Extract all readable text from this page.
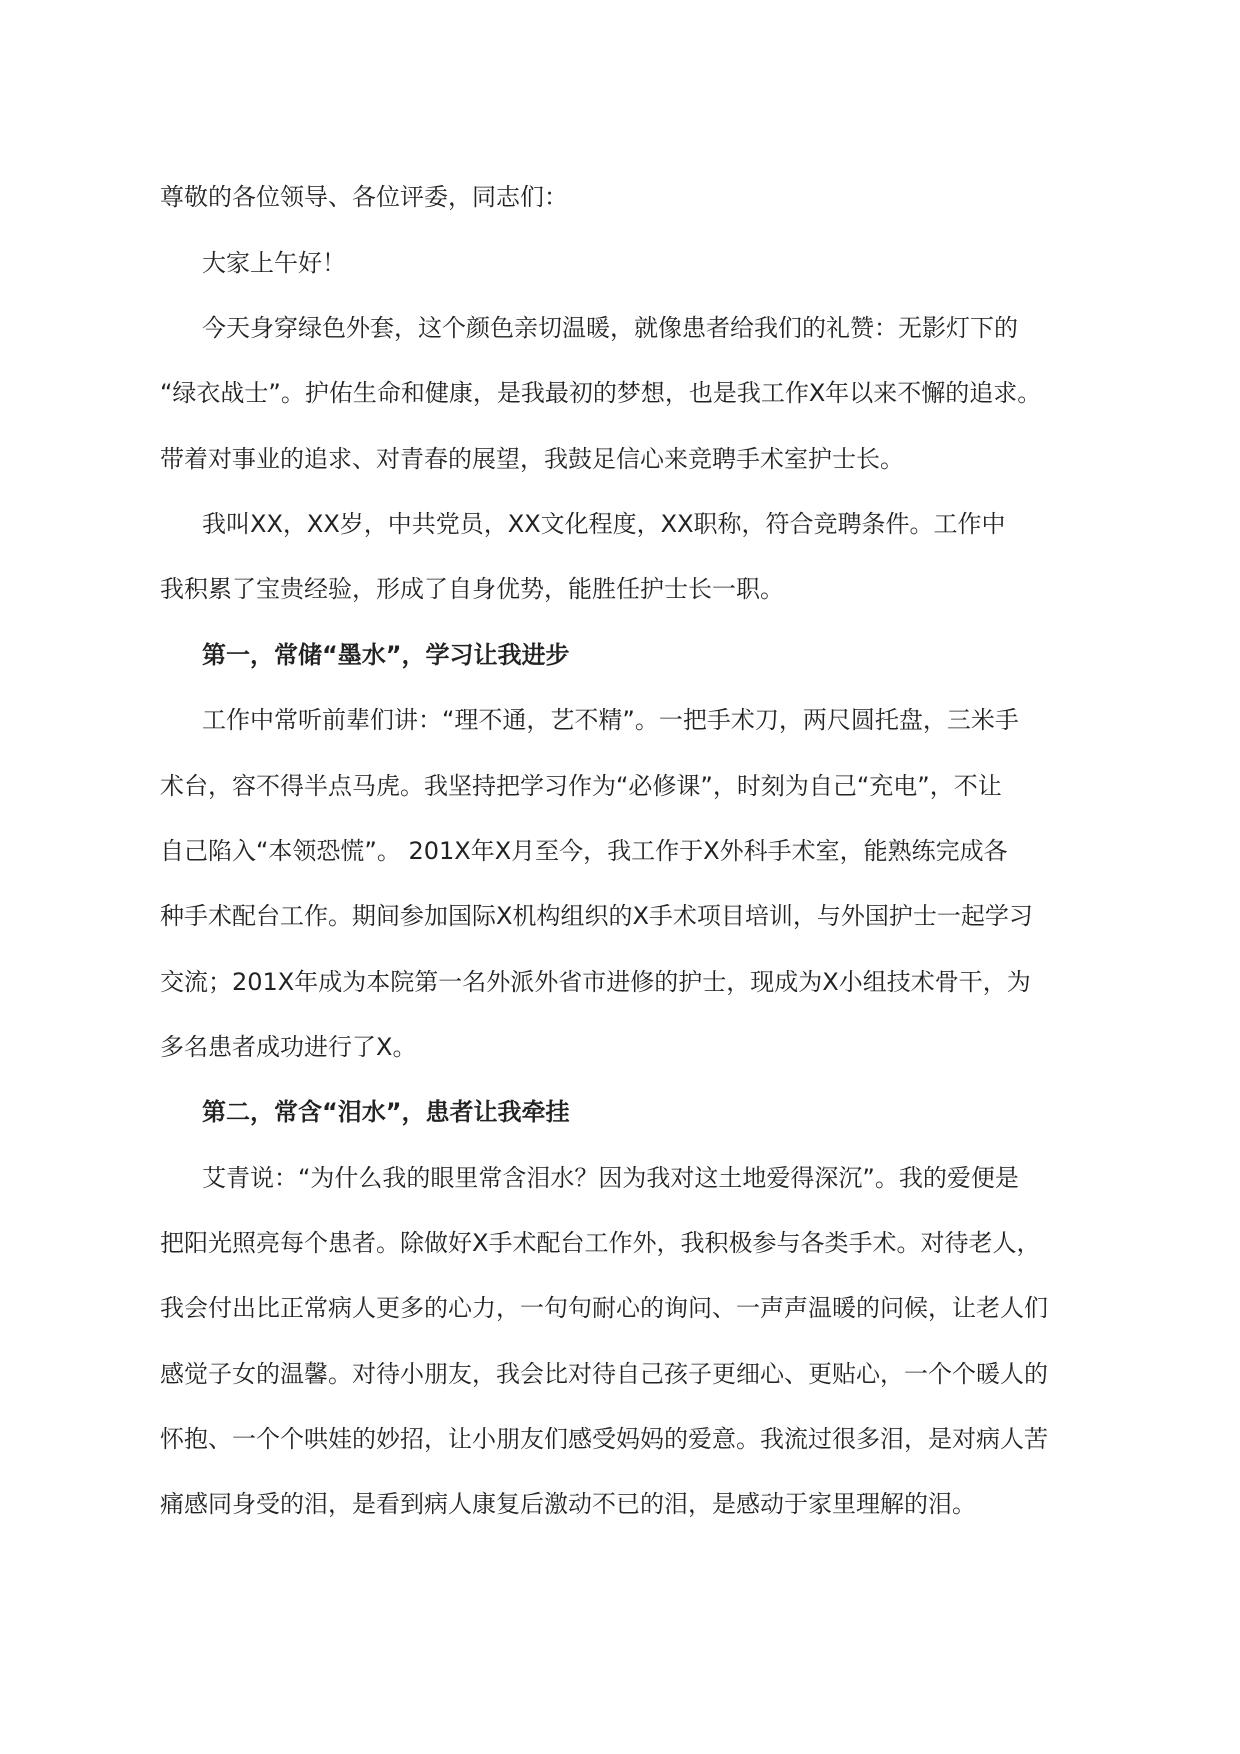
尊敬的各位领导、各位评委，同志们：

大家上午好！

今天身穿绿色外套，这个颜色亲切温暖，就像患者给我们的礼赞：无影灯下的

“绿衣战士”。护佑生命和健康，是我最初的梦想，也是我工作X年以来不懈的追求。

带着对事业的追求、对青春的展望，我鼓足信心来竞聘手术室护士长。

我叫XX，XX岁，中共党员，XX文化程度，XX职称，符合竞聘条件。工作中

我积累了宝贵经验，形成了自身优势，能胜任护士长一职。

第一，常储“墨水”，学习让我进步

工作中常听前辈们讲：“理不通，艺不精”。一把手术刀，两尺圆托盘，三米手

术台，容不得半点马虎。我坚持把学习作为“必修课”，时刻为自己“充电”，不让

自己陷入“本领恐慌”。 201X年X月至今，我工作于X外科手术室，能熟练完成各

种手术配台工作。期间参加国际X机构组织的X手术项目培训，与外国护士一起学习

交流；201X年成为本院第一名外派外省市进修的护士，现成为X小组技术骨干，为

多名患者成功进行了X。

第二，常含“泪水”，患者让我牵挂

艾青说：“为什么我的眼里常含泪水？因为我对这土地爱得深沉”。我的爱便是

把阳光照亮每个患者。除做好X手术配台工作外，我积极参与各类手术。对待老人，

我会付出比正常病人更多的心力，一句句耐心的询问、一声声温暖的问候，让老人们

感觉子女的温馨。对待小朋友，我会比对待自己孩子更细心、更贴心，一个个暖人的

怀抱、一个个哄娃的妙招，让小朋友们感受妈妈的爱意。我流过很多泪，是对病人苦

痛感同身受的泪，是看到病人康复后激动不已的泪，是感动于家里理解的泪。
